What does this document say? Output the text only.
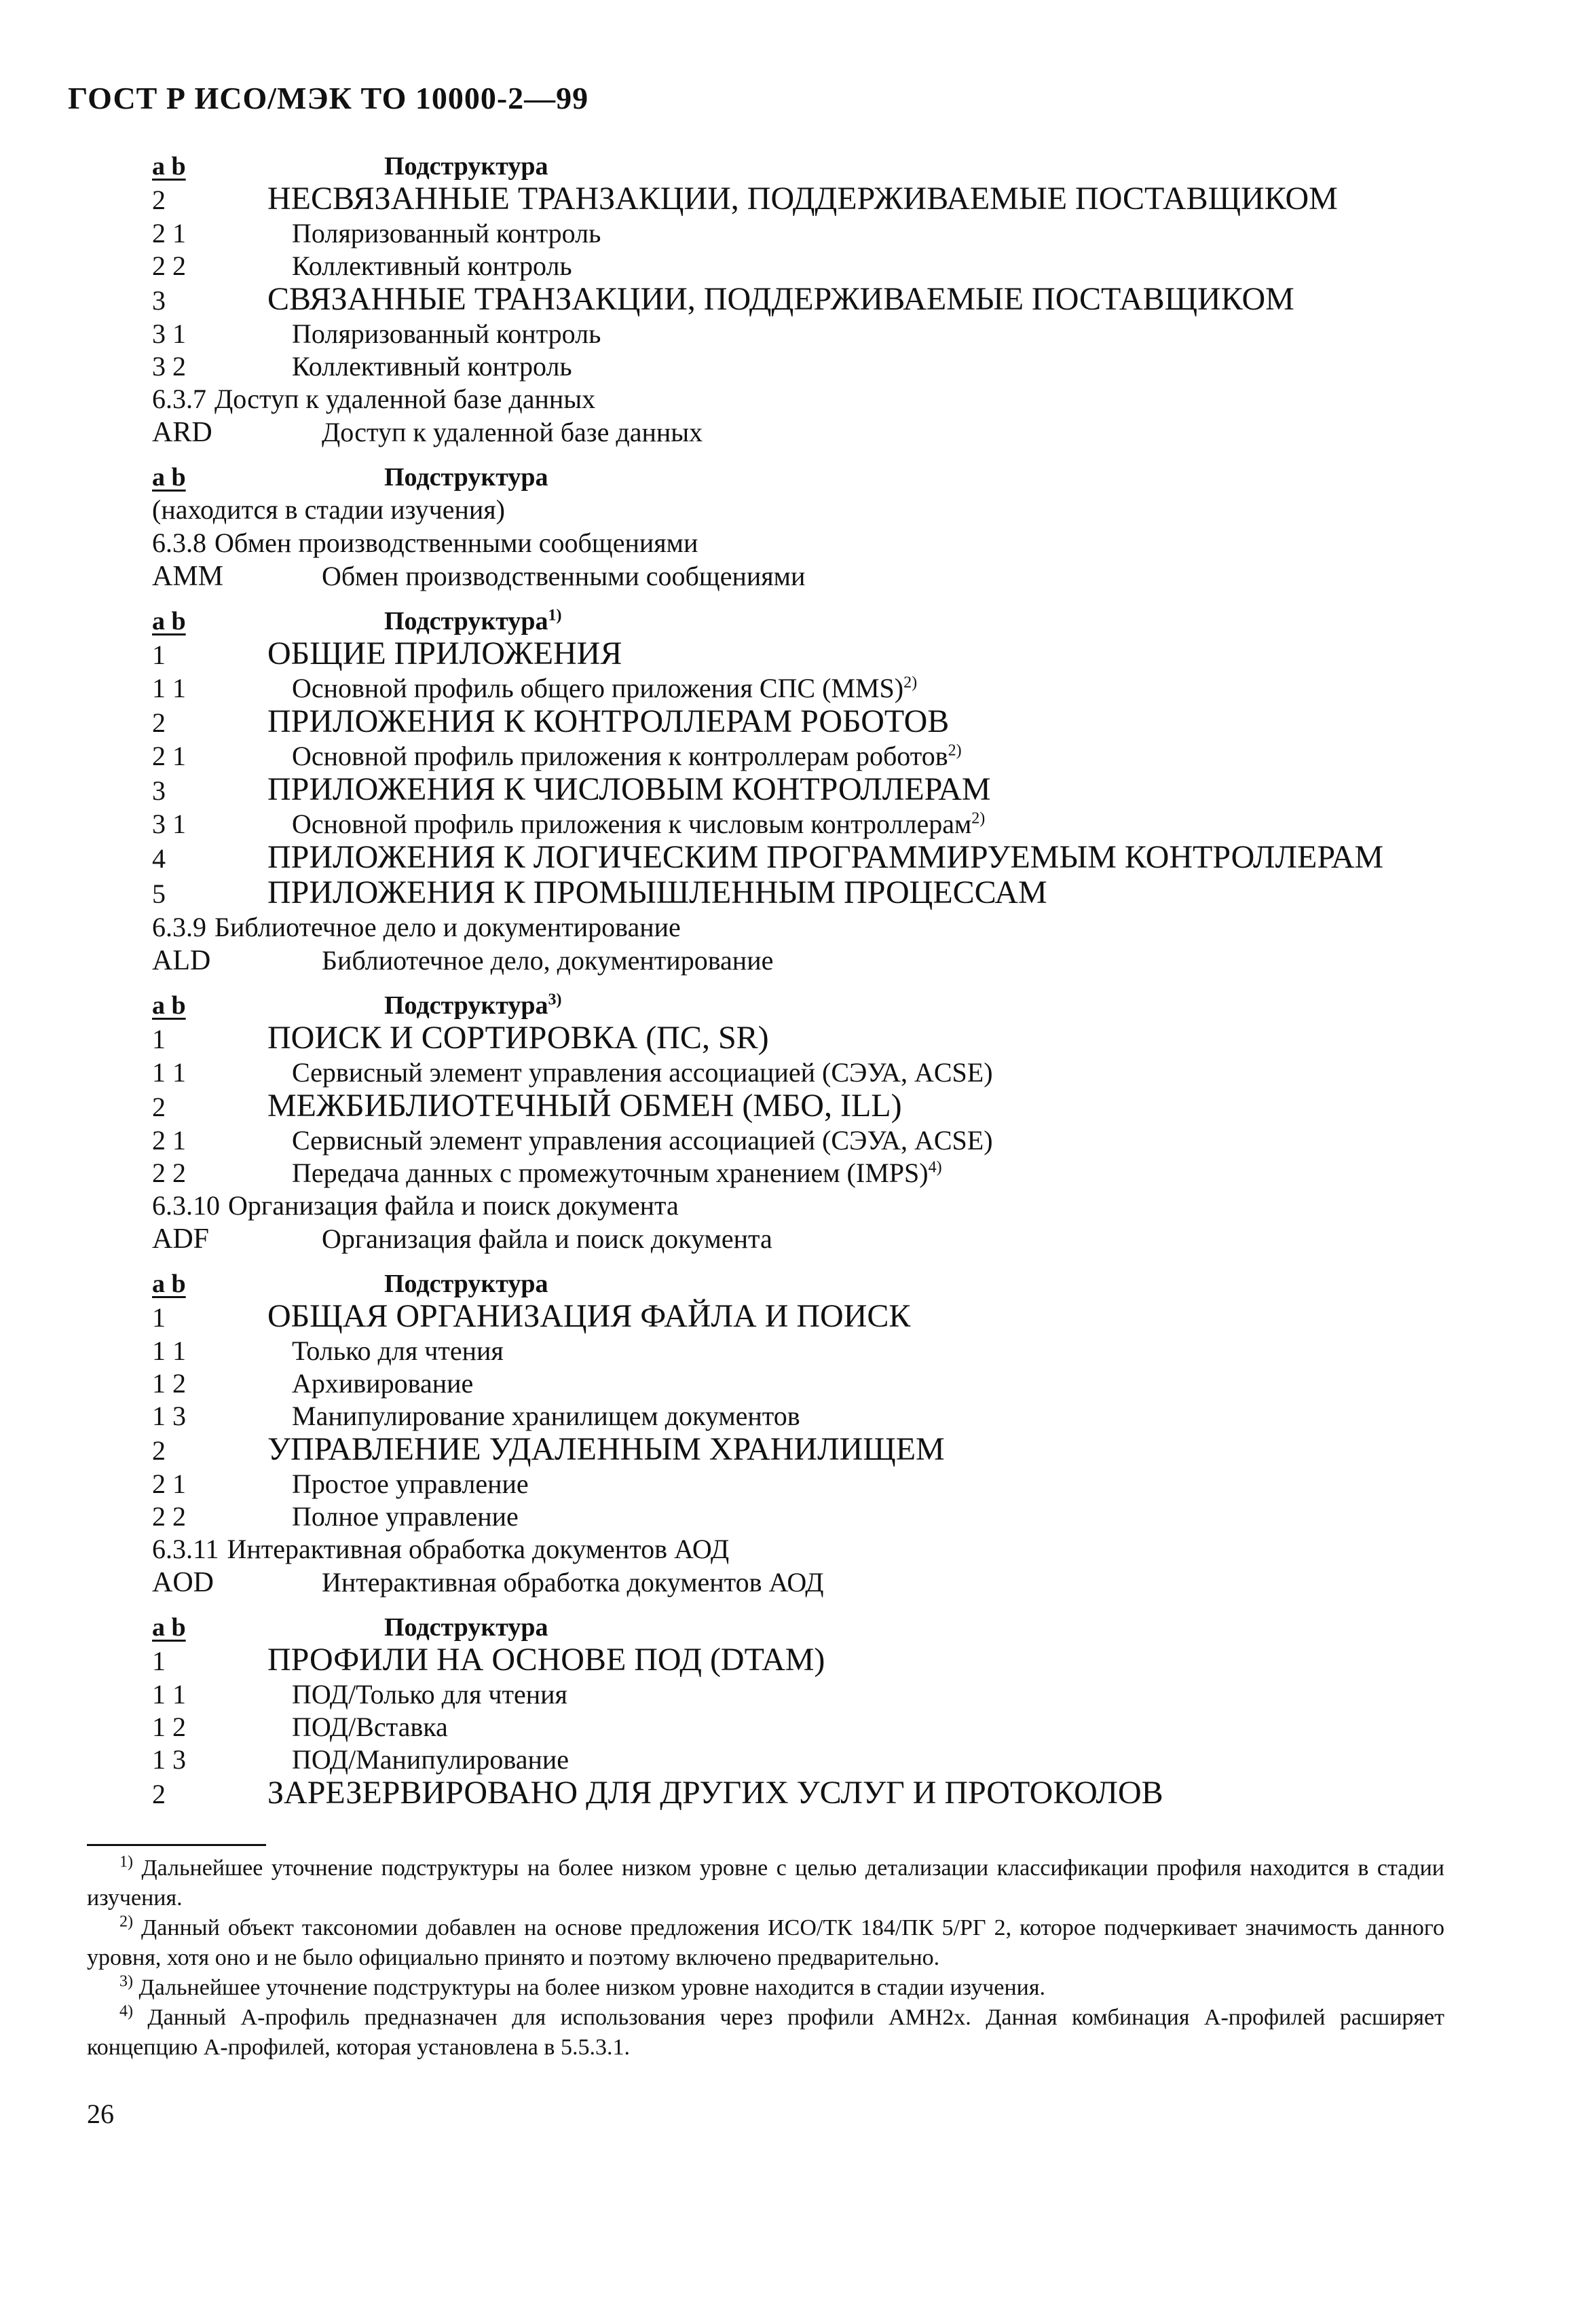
ГОСТ Р ИСО/МЭК ТО 10000-2—99
a b	Подструктура
2	НЕСВЯЗАННЫЕ ТРАНЗАКЦИИ, ПОДДЕРЖИВАЕМЫЕ ПОСТАВЩИКОМ
2 1	Поляризованный контроль
2 2	Коллективный контроль
3	СВЯЗАННЫЕ ТРАНЗАКЦИИ, ПОДДЕРЖИВАЕМЫЕ ПОСТАВЩИКОМ
3 1	Поляризованный контроль
3 2	Коллективный контроль
6.3.7 Доступ к удаленной базе данных
ARD	Доступ к удаленной базе данных
a b	Подструктура
(находится в стадии изучения)
6.3.8 Обмен производственными сообщениями
AMM	Обмен производственными сообщениями
a b	Подструктура$^{1)}$
1	ОБЩИЕ ПРИЛОЖЕНИЯ
1 1	Основной профиль общего приложения СПС (MMS)$^{2)}$
2	ПРИЛОЖЕНИЯ К КОНТРОЛЛЕРАМ РОБОТОВ
2 1	Основной профиль приложения к контроллерам роботов$^{2)}$
3	ПРИЛОЖЕНИЯ К ЧИСЛОВЫМ КОНТРОЛЛЕРАМ
3 1	Основной профиль приложения к числовым контроллерам$^{2)}$
4	ПРИЛОЖЕНИЯ К ЛОГИЧЕСКИМ ПРОГРАММИРУЕМЫМ КОНТРОЛЛЕРАМ
5	ПРИЛОЖЕНИЯ К ПРОМЫШЛЕННЫМ ПРОЦЕССАМ
6.3.9 Библиотечное дело и документирование
ALD	Библиотечное дело, документирование
a b	Подструктура$^{3)}$
1	ПОИСК И СОРТИРОВКА (ПС, SR)
1 1	Сервисный элемент управления ассоциацией (СЭУА, ACSE)
2	МЕЖБИБЛИОТЕЧНЫЙ ОБМЕН (МБО, ILL)
2 1	Сервисный элемент управления ассоциацией (СЭУА, ACSE)
2 2	Передача данных с промежуточным хранением (IMPS)$^{4)}$
6.3.10 Организация файла и поиск документа
ADF	Организация файла и поиск документа
a b	Подструктура
1	ОБЩАЯ ОРГАНИЗАЦИЯ ФАЙЛА И ПОИСК
1 1	Только для чтения
1 2	Архивирование
1 3	Манипулирование хранилищем документов
2	УПРАВЛЕНИЕ УДАЛЕННЫМ ХРАНИЛИЩЕМ
2 1	Простое управление
2 2	Полное управление
6.3.11 Интерактивная обработка документов АОД
AOD	Интерактивная обработка документов АОД
a b	Подструктура
1	ПРОФИЛИ НА ОСНОВЕ ПОД (DTAM)
1 1	ПОД/Только для чтения
1 2	ПОД/Вставка
1 3	ПОД/Манипулирование
2	ЗАРЕЗЕРВИРОВАНО ДЛЯ ДРУГИХ УСЛУГ И ПРОТОКОЛОВ
$^{1)}$ Дальнейшее уточнение подструктуры на более низком уровне с целью детализации классификации профиля находится в стадии изучения.
$^{2)}$ Данный объект таксономии добавлен на основе предложения ИСО/ТК 184/ПК 5/РГ 2, которое подчеркивает значимость данного уровня, хотя оно и не было официально принято и поэтому включено предварительно.
$^{3)}$ Дальнейшее уточнение подструктуры на более низком уровне находится в стадии изучения.
$^{4)}$ Данный А-профиль предназначен для использования через профили AMH2x. Данная комбинация А-профилей расширяет концепцию А-профилей, которая установлена в 5.5.3.1.
26
